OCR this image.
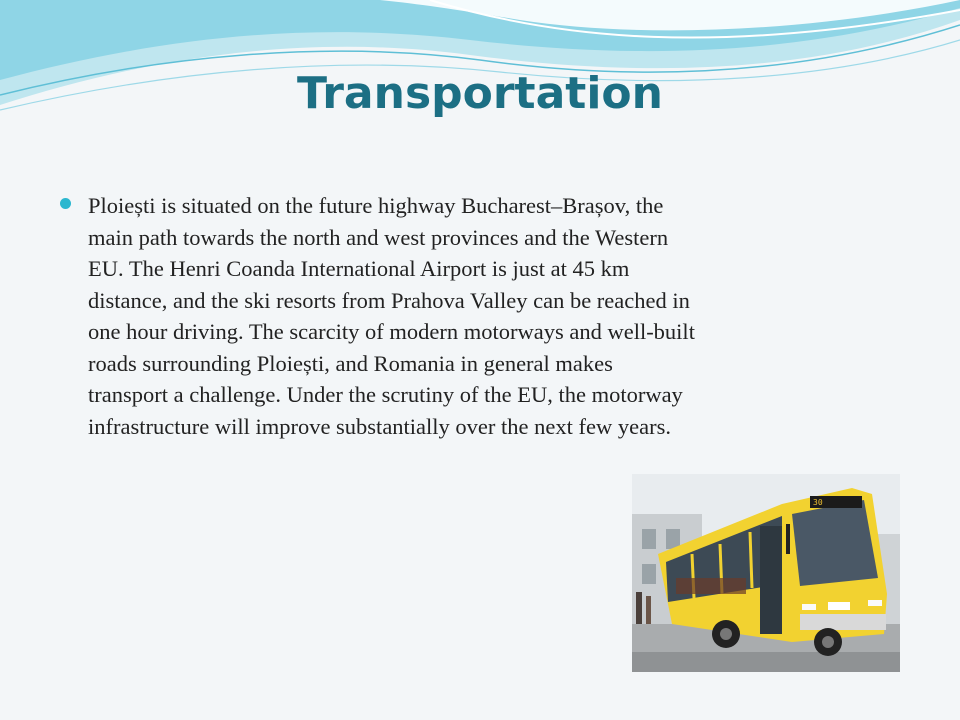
Transportation
Ploiești is situated on the future highway Bucharest–Brașov, the main path towards the north and west provinces and the Western EU. The Henri Coanda International Airport is just at 45 km distance, and the ski resorts from Prahova Valley can be reached in one hour driving. The scarcity of modern motorways and well-built roads surrounding Ploiești, and Romania in general makes transport a challenge. Under the scrutiny of the EU, the motorway infrastructure will improve substantially over the next few years.
30
